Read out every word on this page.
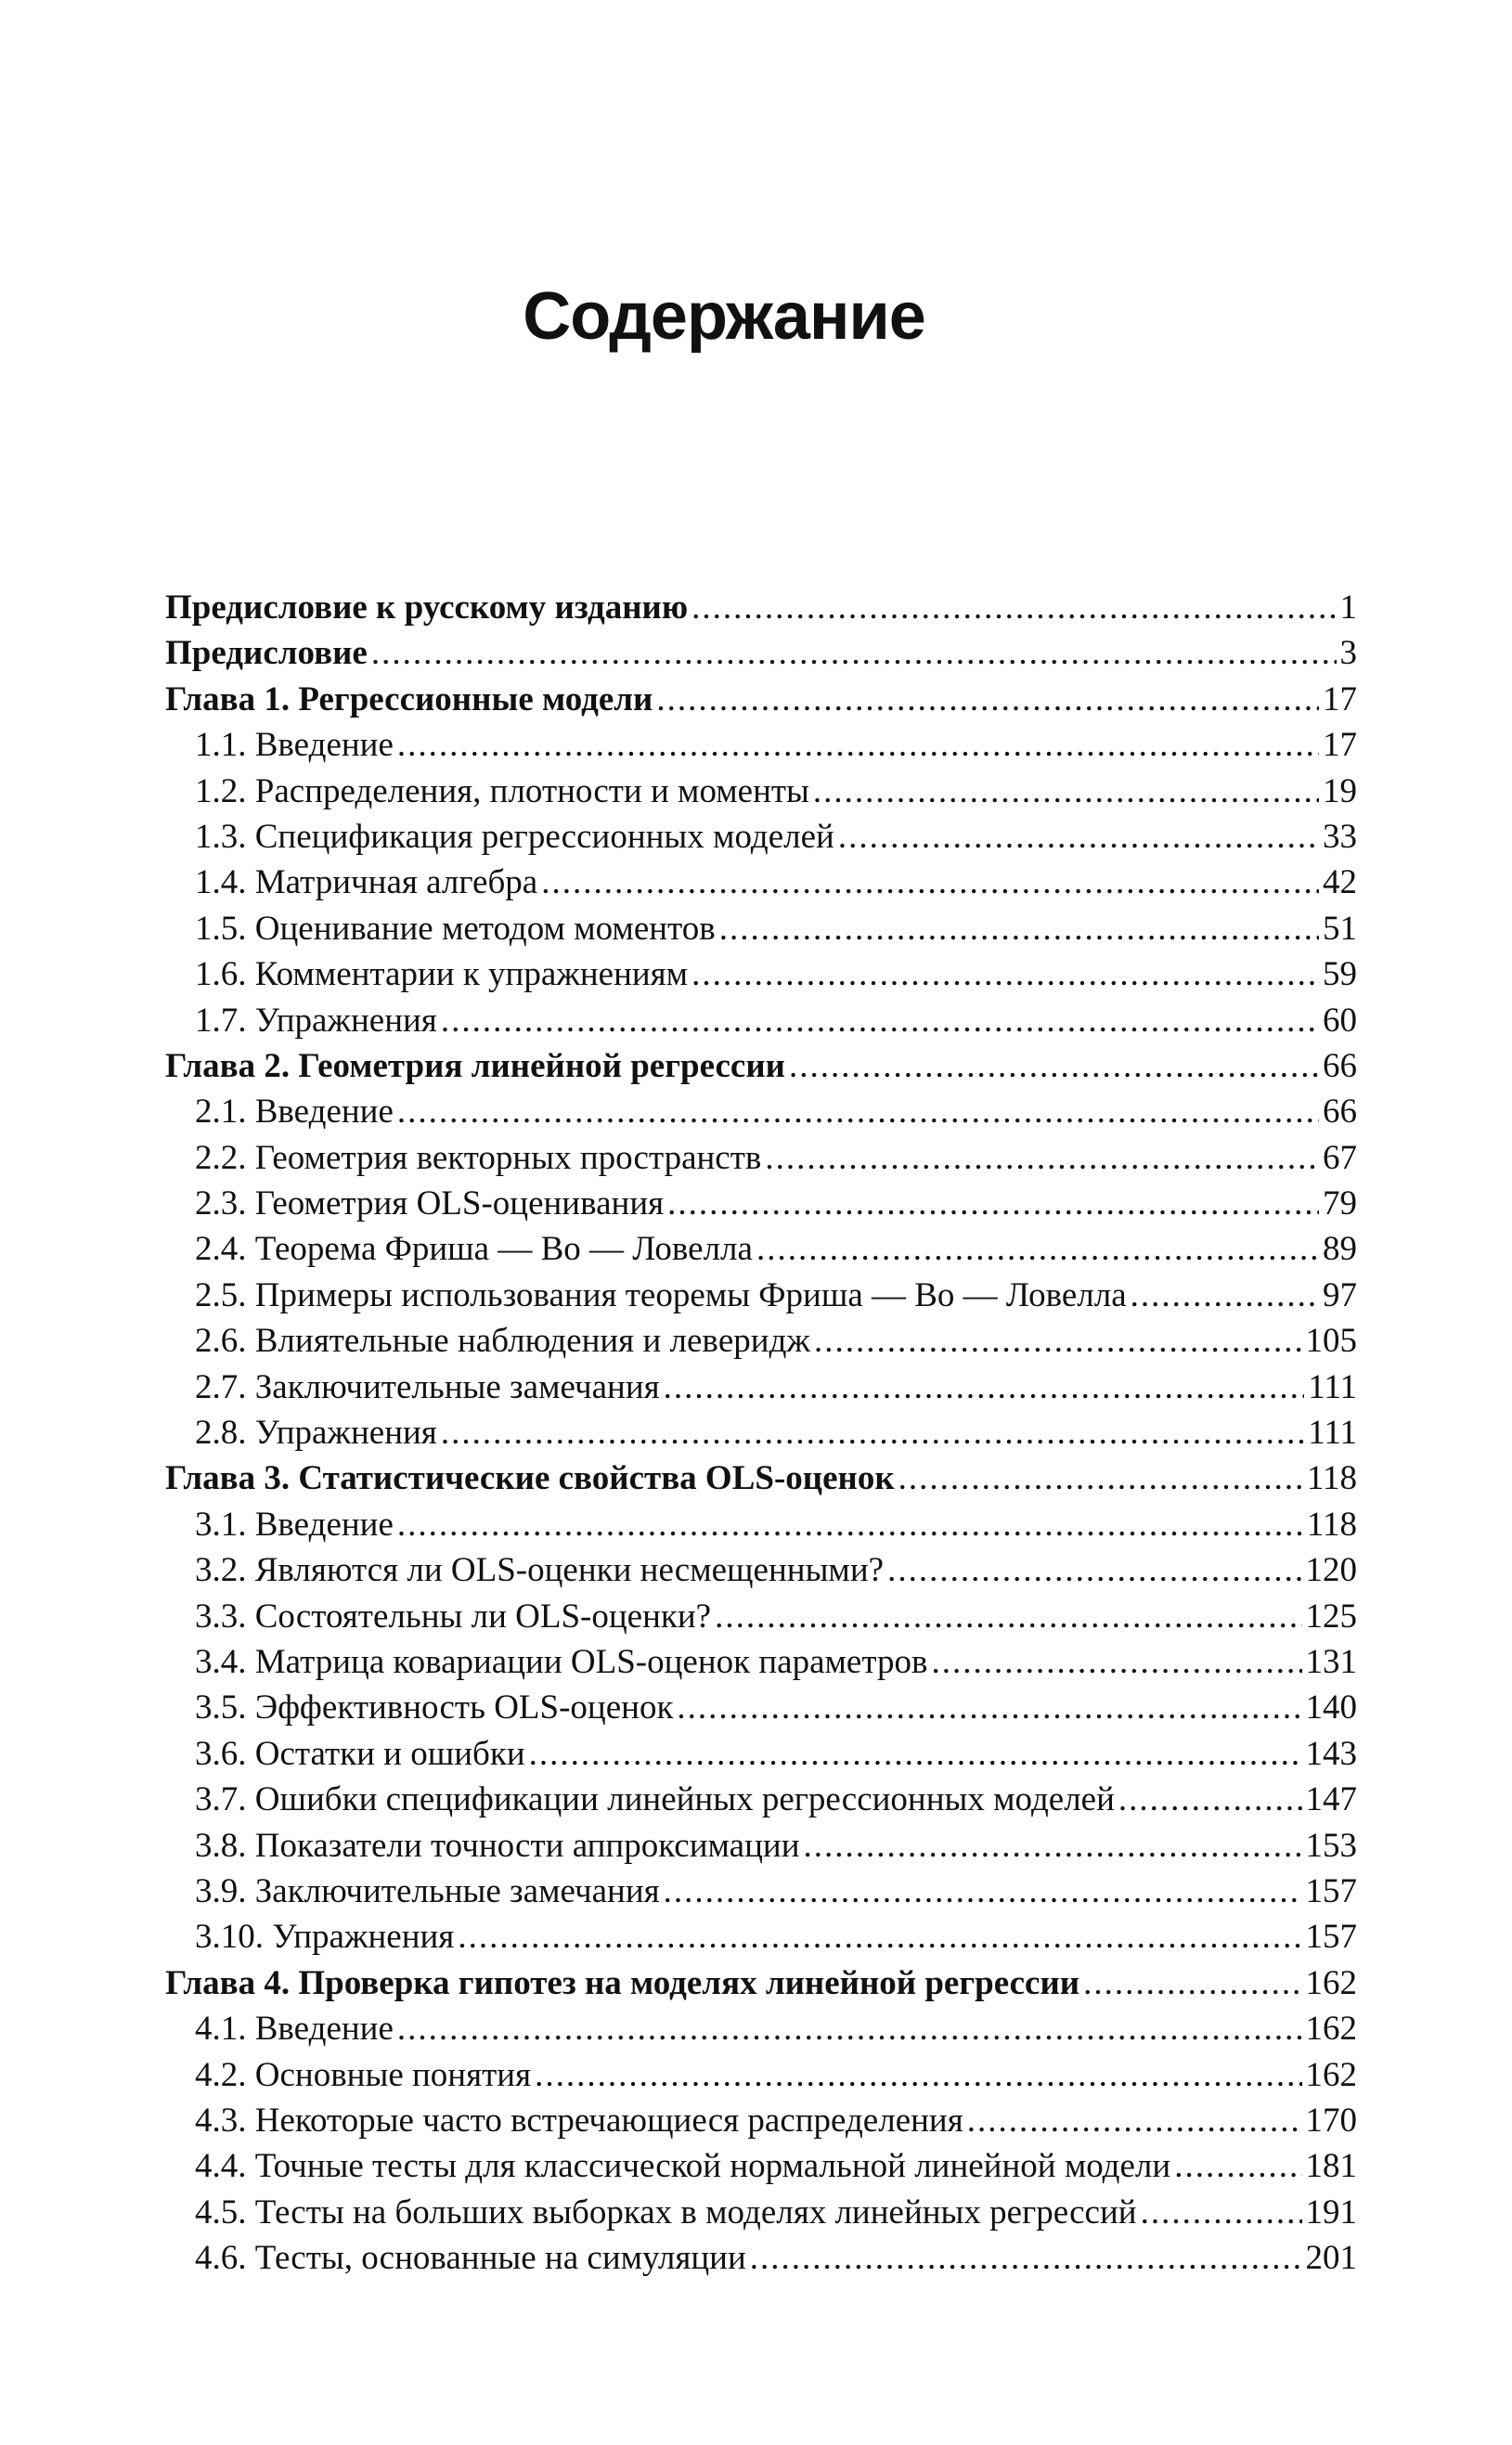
Содержание
Предисловие к русскому изданию .....	1
Предисловие .....	3
Глава 1. Регрессионные модели .....	17
1.1. Введение .....	17
1.2. Распределения, плотности и моменты .....	19
1.3. Спецификация регрессионных моделей .....	33
1.4. Матричная алгебра .....	42
1.5. Оценивание методом моментов .....	51
1.6. Комментарии к упражнениям .....	59
1.7. Упражнения .....	60
Глава 2. Геометрия линейной регрессии .....	66
2.1. Введение .....	66
2.2. Геометрия векторных пространств .....	67
2.3. Геометрия OLS-оценивания .....	79
2.4. Теорема Фриша — Во — Ловелла .....	89
2.5. Примеры использования теоремы Фриша — Во — Ловелла .....	97
2.6. Влиятельные наблюдения и левeридж .....	105
2.7. Заключительные замечания .....	111
2.8. Упражнения .....	111
Глава 3. Статистические свойства OLS-оценок .....	118
3.1. Введение .....	118
3.2. Являются ли OLS-оценки несмещенными? .....	120
3.3. Состоятельны ли OLS-оценки? .....	125
3.4. Матрица ковариации OLS-оценок параметров .....	131
3.5. Эффективность OLS-оценок .....	140
3.6. Остатки и ошибки .....	143
3.7. Ошибки спецификации линейных регрессионных моделей .....	147
3.8. Показатели точности аппроксимации .....	153
3.9. Заключительные замечания .....	157
3.10. Упражнения .....	157
Глава 4. Проверка гипотез на моделях линейной регрессии .....	162
4.1. Введение .....	162
4.2. Основные понятия .....	162
4.3. Некоторые часто встречающиеся распределения .....	170
4.4. Точные тесты для классической нормальной линейной модели .....	181
4.5. Тесты на больших выборках в моделях линейных регрессий .....	191
4.6. Тесты, основанные на симуляции .....	201
